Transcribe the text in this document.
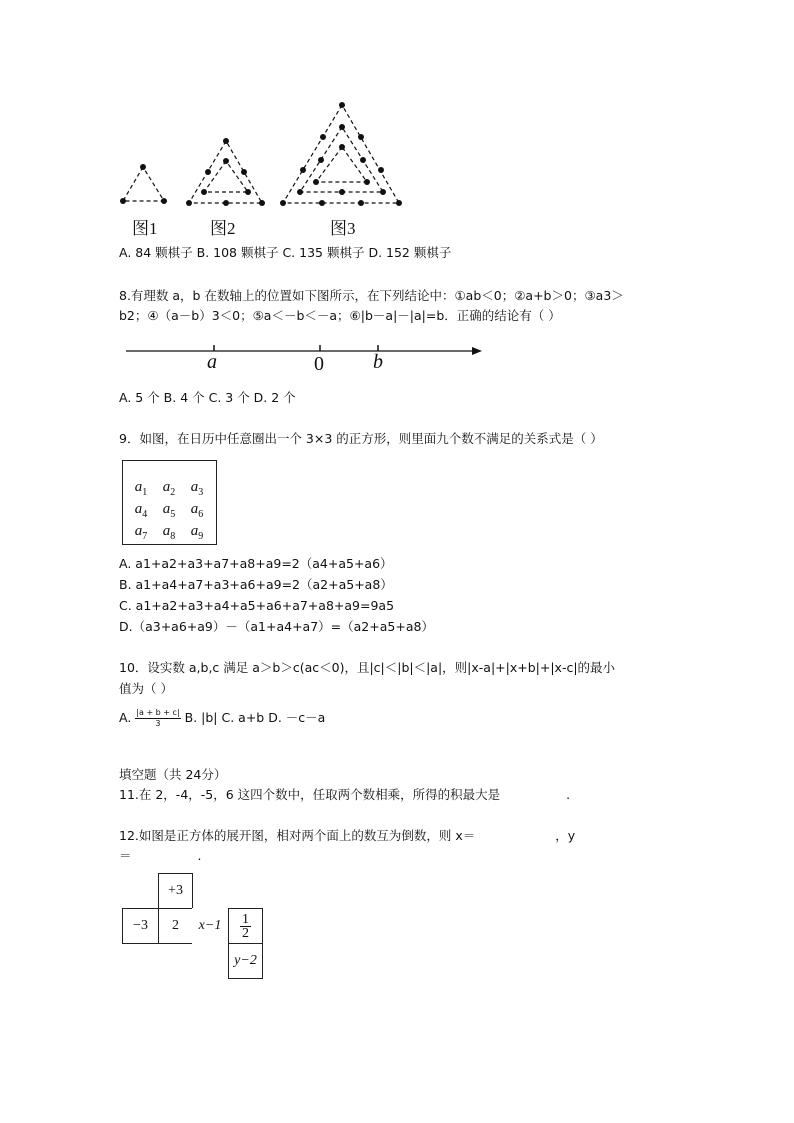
图1	图2	图3
A. 84 颗棋子 B. 108 颗棋子 C. 135 颗棋子 D. 152 颗棋子
8.有理数 a，b 在数轴上的位置如下图所示，在下列结论中：①ab＜0；②a+b＞0；③a3＞
b2；④（a－b）3＜0；⑤a＜－b＜－a；⑥|b－a|－|a|=b．正确的结论有（ ）
a	0 b
A. 5 个 B. 4 个 C. 3 个 D. 2 个
9．如图，在日历中任意圈出一个 3×3 的正方形，则里面九个数不满足的关系式是（ ）
$a_1$	$a_2$	$a_3$
$a_4$	$a_5$	$a_6$
$a_7$	$a_8$	$a_9$
A. a1+a2+a3+a7+a8+a9=2（a4+a5+a6）
B. a1+a4+a7+a3+a6+a9=2（a2+a5+a8）
C. a1+a2+a3+a4+a5+a6+a7+a8+a9=9a5
D.（a3+a6+a9）－（a1+a4+a7）=（a2+a5+a8）
10．设实数 a,b,c 满足 a＞b＞c(ac＜0)，且|c|＜|b|＜|a|，则|x-a|+|x+b|+|x-c|的最小
值为（ ）
A. $\frac{|a + b + c|}{3} B$. |b| C. a+b D. －c－a
填空题（共 24分）
11.在 2，-4，-5，6 这四个数中，任取两个数相乘，所得的积最大是	.
12.如图是正方体的展开图，相对两个面上的数互为倒数，则 x＝	，y
＝	.
+3
−3 2 $x-1 \frac{1}{2}$
y−2
